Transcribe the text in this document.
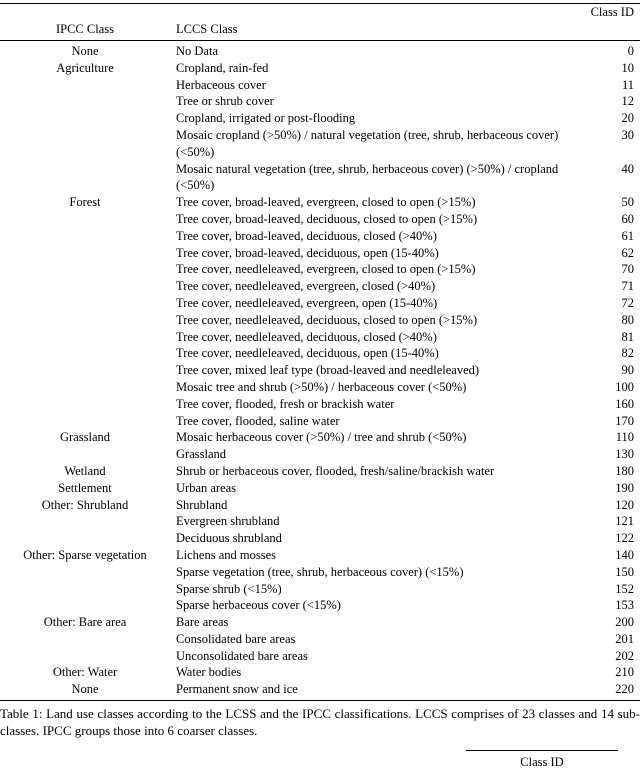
		Class ID
IPCC Class	LCCS Class	
None	No Data	0
Agriculture	Cropland, rain-fed	10
	Herbaceous cover	11
	Tree or shrub cover	12
	Cropland, irrigated or post-flooding	20
	Mosaic cropland (>50%) / natural vegetation (tree, shrub, herbaceous cover) (<50%)	30
	Mosaic natural vegetation (tree, shrub, herbaceous cover) (>50%) / cropland (<50%)	40
Forest	Tree cover, broad-leaved, evergreen, closed to open (>15%)	50
	Tree cover, broad-leaved, deciduous, closed to open (>15%)	60
	Tree cover, broad-leaved, deciduous, closed (>40%)	61
	Tree cover, broad-leaved, deciduous, open (15-40%)	62
	Tree cover, needleleaved, evergreen, closed to open (>15%)	70
	Tree cover, needleleaved, evergreen, closed (>40%)	71
	Tree cover, needleleaved, evergreen, open (15-40%)	72
	Tree cover, needleleaved, deciduous, closed to open (>15%)	80
	Tree cover, needleleaved, deciduous, closed (>40%)	81
	Tree cover, needleleaved, deciduous, open (15-40%)	82
	Tree cover, mixed leaf type (broad-leaved and needleleaved)	90
	Mosaic tree and shrub (>50%) / herbaceous cover (<50%)	100
	Tree cover, flooded, fresh or brackish water	160
	Tree cover, flooded, saline water	170
Grassland	Mosaic herbaceous cover (>50%) / tree and shrub (<50%)	110
	Grassland	130
Wetland	Shrub or herbaceous cover, flooded, fresh/saline/brackish water	180
Settlement	Urban areas	190
Other: Shrubland	Shrubland	120
	Evergreen shrubland	121
	Deciduous shrubland	122
Other: Sparse vegetation	Lichens and mosses	140
	Sparse vegetation (tree, shrub, herbaceous cover) (<15%)	150
	Sparse shrub (<15%)	152
	Sparse herbaceous cover (<15%)	153
Other: Bare area	Bare areas	200
	Consolidated bare areas	201
	Unconsolidated bare areas	202
Other: Water	Water bodies	210
None	Permanent snow and ice	220
Table 1: Land use classes according to the LCSS and the IPCC classifications. LCCS comprises of 23 classes and 14 sub-classes. IPCC groups those into 6 coarser classes.
Class ID
